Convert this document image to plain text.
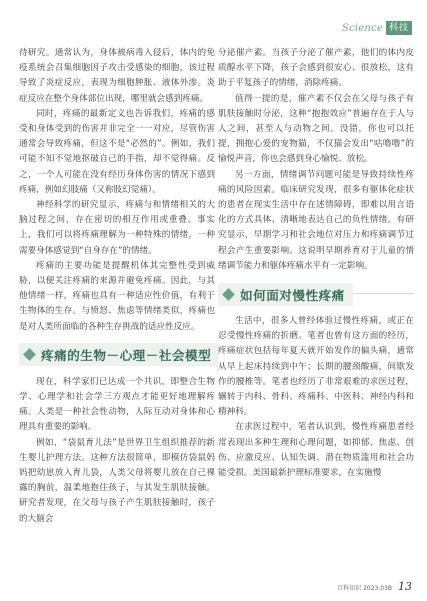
Science 科技

待研究。通常认为，身体被病毒入侵后，体内的免疫系统会召集细胞因子攻击受感染的细胞，该过程导致了炎症反应，表现为细胞肿胀、液体外渗。炎症反应在整个身体部位出现，哪里就会感到疼痛。

同时，疼痛的最新定义也告诉我们，疼痛的感受和身体受到的伤害并非完全一一对应，尽管伤害通常会导致疼痛，但这不是“必然的”。例如，我们可能不知不觉地抠破自己的手指，却不觉得痛。反之，一个人可能在没有经历身体伤害的情况下感到疼痛，例如幻肢痛（又称肢幻觉痛）。

神经科学的研究显示，疼痛与和情绪相关的大脑过程之间，存在密切的相互作用或重叠。事实上，我们可以将疼痛理解为一种特殊的情绪，一种需要身体感觉到“自身存在”的情绪。

疼痛的主要功能是提醒机体其完整性受到威胁，以便关注疼痛的来源并避免疼痛。因此，与其他情绪一样，疼痛也具有一种适应性价值，有利于生物体的生存。与愤怒、焦虑等情绪类似，疼痛也是对人类所面临的各种生存挑战的适应性反应。

疼痛的生物－心理－社会模型

现在，科学家们已达成一个共识，即整合生物学、心理学和社会学三方观点才能更好地理解疼痛。人类是一种社会性动物，人际互动对身体和心理具有重要的影响。

例如，“袋鼠育儿法”是世界卫生组织推荐的新生婴儿护理方法。这种方法很简单，即模仿袋鼠妈妈把幼崽放入育儿袋，人类父母将婴儿放在自己裸露的胸前，温柔地抱住孩子，与其发生肌肤接触。研究者发现，在父母与孩子产生肌肤接触时，孩子的大脑会

分泌催产素。当孩子分泌了催产素，他们的体内皮质醇水平下降，孩子会感到很安心、很放松，这有助于平复孩子的情绪，消除疼痛。

值得一提的是，催产素不仅会在父母与孩子有肌肤接触时分泌，这种“抱抱效应”普遍存在于人与人之间，甚至人与动物之间。没错，你也可以托提，拥抱心爱的宠物猫，不仅猫会发出“咕噜噜”的愉悦声音，你也会感到身心愉悦、放松。

另一方面，情绪调节问题可能是导致持续性疼痛的风险因素。临床研究发现，很多有躯体化症状的患者在现实生活中存在述情障碍，即难以用言语化的方式具体、清晰地表达自己的负性情绪。有研究显示，早期学习和社会地位对压力和疼痛调节过程会产生重要影响。这说明早期养育对于儿童的情绪调节能力和躯体疼痛水平有一定影响。

如何面对慢性疼痛

生活中，很多人曾经体验过慢性疼痛，或正在忍受慢性疼痛的折磨。笔者也曾有这方面的经历，疼痛症状包括每年夏天就开始发作的偏头痛，通常从早上起床持续到中午；长期的腰颈酸痛，间歇发作的腰椎等。笔者也经历了非常艰难的求医过程，辗转于内科、骨科、疼痛科、中医科、神经内科和精神科。

在求医过程中，笔者认识到，慢性疼痛患者经常表现出多种生理和心理问题，如抑郁、焦虑、创伤、应激反应、认知失调、潜在物质滥用和社会功能受损。美国最新护理标准要求，在实施慢

百科知识 2023.03B 13
